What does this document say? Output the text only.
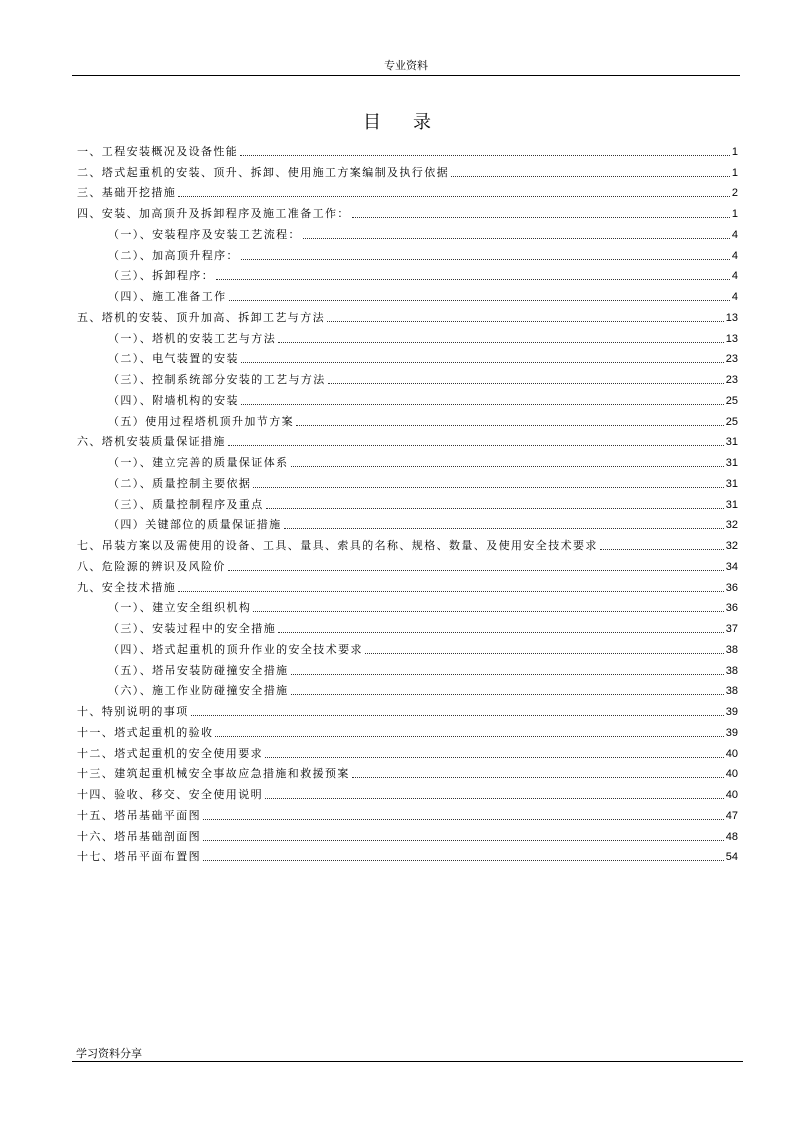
专业资料
目录
一、工程安装概况及设备性能	1
二、塔式起重机的安装、顶升、拆卸、使用施工方案编制及执行依据	1
三、基础开挖措施	2
四、安装、加高顶升及拆卸程序及施工准备工作：	1
（一）、安装程序及安装工艺流程：	4
（二）、加高顶升程序：	4
（三）、拆卸程序：	4
（四）、施工准备工作	4
五、塔机的安装、顶升加高、拆卸工艺与方法	13
（一）、塔机的安装工艺与方法	13
（二）、电气装置的安装	23
（三）、控制系统部分安装的工艺与方法	23
（四）、附墙机构的安装	25
（五）使用过程塔机顶升加节方案	25
六、塔机安装质量保证措施	31
（一）、建立完善的质量保证体系	31
（二）、质量控制主要依据	31
（三）、质量控制程序及重点	31
（四）关键部位的质量保证措施	32
七、吊装方案以及需使用的设备、工具、量具、索具的名称、规格、数量、及使用安全技术要求	32
八、危险源的辨识及风险价	34
九、安全技术措施	36
（一）、建立安全组织机构	36
（三）、安装过程中的安全措施	37
（四）、塔式起重机的顶升作业的安全技术要求	38
（五）、塔吊安装防碰撞安全措施	38
（六）、施工作业防碰撞安全措施	38
十、特别说明的事项	39
十一、塔式起重机的验收	39
十二、塔式起重机的安全使用要求	40
十三、建筑起重机械安全事故应急措施和救援预案	40
十四、验收、移交、安全使用说明	40
十五、塔吊基础平面图	47
十六、塔吊基础剖面图	48
十七、塔吊平面布置图	54
学习资料分享
